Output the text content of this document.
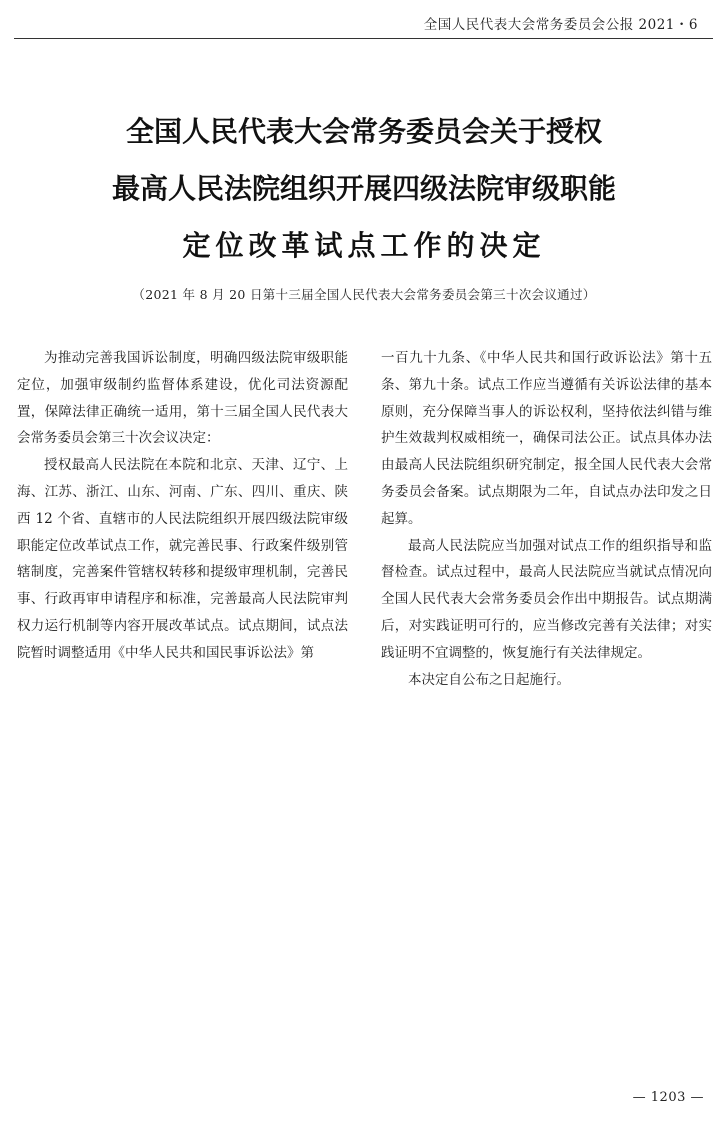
全国人民代表大会常务委员会公报 2021・6
全国人民代表大会常务委员会关于授权
最高人民法院组织开展四级法院审级职能
定位改革试点工作的决定
（2021 年 8 月 20 日第十三届全国人民代表大会常务委员会第三十次会议通过）

为推动完善我国诉讼制度，明确四级法院审级职能定位，加强审级制约监督体系建设，优化司法资源配置，保障法律正确统一适用，第十三届全国人民代表大会常务委员会第三十次会议决定：

授权最高人民法院在本院和北京、天津、辽宁、上海、江苏、浙江、山东、河南、广东、四川、重庆、陕西 12 个省、直辖市的人民法院组织开展四级法院审级职能定位改革试点工作，就完善民事、行政案件级别管辖制度，完善案件管辖权转移和提级审理机制，完善民事、行政再审申请程序和标准，完善最高人民法院审判权力运行机制等内容开展改革试点。试点期间，试点法院暂时调整适用《中华人民共和国民事诉讼法》第

一百九十九条、《中华人民共和国行政诉讼法》第十五条、第九十条。试点工作应当遵循有关诉讼法律的基本原则，充分保障当事人的诉讼权利，坚持依法纠错与维护生效裁判权威相统一，确保司法公正。试点具体办法由最高人民法院组织研究制定，报全国人民代表大会常务委员会备案。试点期限为二年，自试点办法印发之日起算。

最高人民法院应当加强对试点工作的组织指导和监督检查。试点过程中，最高人民法院应当就试点情况向全国人民代表大会常务委员会作出中期报告。试点期满后，对实践证明可行的，应当修改完善有关法律；对实践证明不宜调整的，恢复施行有关法律规定。

本决定自公布之日起施行。

— 1203 —
